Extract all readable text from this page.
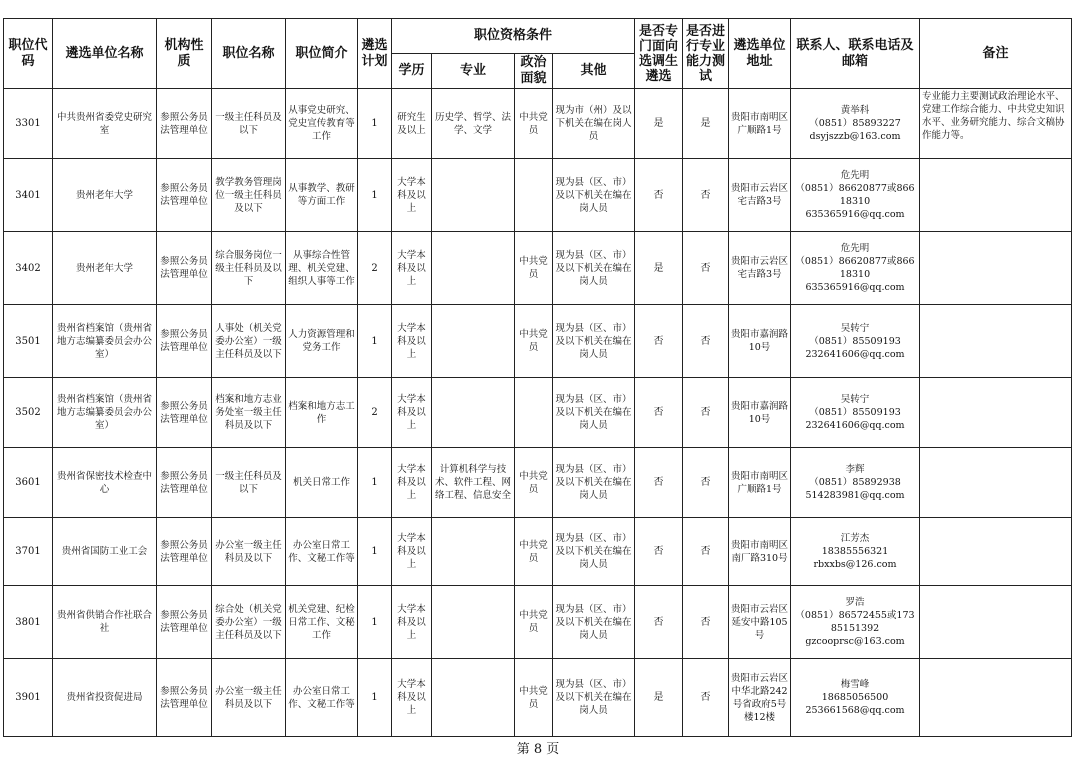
职位代码	遴选单位名称	机构性质	职位名称	职位简介	遴选计划	职位资格条件				是否专门面向选调生遴选	是否进行专业能力测试	遴选单位地址	联系人、联系电话及邮箱	备注
						学历	专业	政治面貌	其他					
3301	中共贵州省委党史研究室	参照公务员法管理单位	一级主任科员及以下	从事党史研究、党史宣传教育等工作	1	研究生及以上	历史学、哲学、法学、文学	中共党员	现为市（州）及以下机关在编在岗人员	是	是	贵阳市南明区广顺路1号	黄举科
（0851）85893227
dsyjszzb@163.com	专业能力主要测试政治理论水平、党建工作综合能力、中共党史知识水平、业务研究能力、综合文稿协作能力等。
3401	贵州老年大学	参照公务员法管理单位	教学教务管理岗位一级主任科员及以下	从事教学、教研等方面工作	1	大学本科及以上			现为县（区、市）及以下机关在编在岗人员	否	否	贵阳市云岩区宅吉路3号	危先明
（0851）86620877或86618310
635365916@qq.com	

3402	贵州老年大学	参照公务员法管理单位	综合服务岗位一级主任科员及以下	从事综合性管理、机关党建、组织人事等工作	2	大学本科及以上		中共党员	现为县（区、市）及以下机关在编在岗人员	是	否	贵阳市云岩区宅吉路3号	危先明
（0851）86620877或86618310
635365916@qq.com	

3501	贵州省档案馆（贵州省地方志编纂委员会办公室）	参照公务员法管理单位	人事处（机关党委办公室）一级主任科员及以下	人力资源管理和党务工作	1	大学本科及以上		中共党员	现为县（区、市）及以下机关在编在岗人员	否	否	贵阳市嘉润路10号	吴转宁
（0851）85509193
232641606@qq.com	

3502	贵州省档案馆（贵州省地方志编纂委员会办公室）	参照公务员法管理单位	档案和地方志业务处室一级主任科员及以下	档案和地方志工作	2	大学本科及以上			现为县（区、市）及以下机关在编在岗人员	否	否	贵阳市嘉润路10号	吴转宁
（0851）85509193
232641606@qq.com	

3601	贵州省保密技术检查中心	参照公务员法管理单位	一级主任科员及以下	机关日常工作	1	大学本科及以上	计算机科学与技术、软件工程、网络工程、信息安全	中共党员	现为县（区、市）及以下机关在编在岗人员	否	否	贵阳市南明区广顺路1号	李辉
（0851）85892938
514283981@qq.com	

3701	贵州省国防工业工会	参照公务员法管理单位	办公室一级主任科员及以下	办公室日常工作、文秘工作等	1	大学本科及以上		中共党员	现为县（区、市）及以下机关在编在岗人员	否	否	贵阳市南明区南厂路310号	江芳杰
18385556321
rbxxbs@126.com	

3801	贵州省供销合作社联合社	参照公务员法管理单位	综合处（机关党委办公室）一级主任科员及以下	机关党建、纪检日常工作、文秘工作	1	大学本科及以上		中共党员	现为县（区、市）及以下机关在编在岗人员	否	否	贵阳市云岩区延安中路105号	罗浩
（0851）86572455或17385151392
gzcooprsc@163.com	

3901	贵州省投资促进局	参照公务员法管理单位	办公室一级主任科员及以下	办公室日常工作、文秘工作等	1	大学本科及以上		中共党员	现为县（区、市）及以下机关在编在岗人员	是	否	贵阳市云岩区中华北路242号省政府5号楼12楼	梅雪峰
18685056500
253661568@qq.com	

第 8 页
